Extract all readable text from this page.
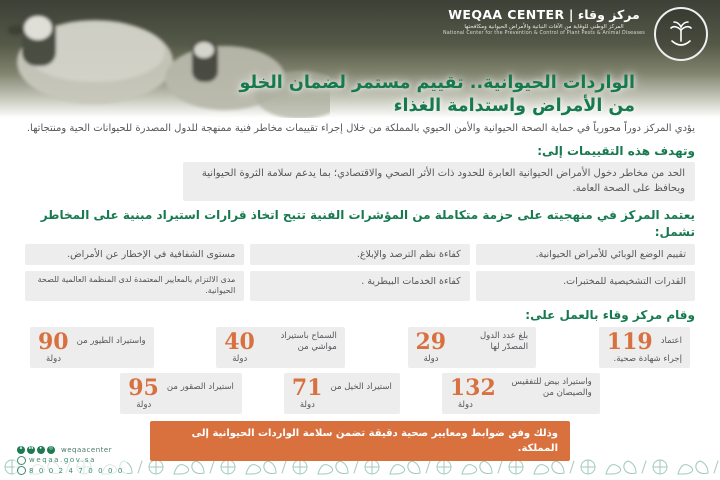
مركز وقاء | WEQAA CENTER
المركز الوطني للوقاية من الآفات النباتية والأمراض الحيوانية ومكافحتها
National Center for the Prevention & Control of Plant Pests & Animal Diseases
الواردات الحيوانية.. تقييم مستمر لضمان الخلو
من الأمراض واستدامة الغذاء
يؤدي المركز دوراً محورياً في حماية الصحة الحيوانية والأمن الحيوي بالمملكة من خلال إجراء تقييمات مخاطر فنية ممنهجة للدول المصدرة للحيوانات الحية ومنتجاتها.
وتهدف هذه التقييمات إلى:
الحد من مخاطر دخول الأمراض الحيوانية العابرة للحدود ذات الأثر الصحي والاقتصادي؛ بما يدعم سلامة الثروة الحيوانية ويحافظ على الصحة العامة.
يعتمد المركز في منهجيته على حزمة متكاملة من المؤشرات الفنية تتيح اتخاذ قرارات استيراد مبنية على المخاطر تشمل:
تقييم الوضع الوبائي للأمراض الحيوانية.
كفاءة نظم الترصد والإبلاغ.
مستوى الشفافية في الإخطار عن الأمراض.
القدرات التشخيصية للمختبرات.
كفاءة الخدمات البيطرية .
مدى الالتزام بالمعايير المعتمدة لدى المنظمة العالمية للصحة الحيوانية.
وقام مركز وقاء بالعمل على:
اعتماد
119
إجراء شهادة صحية.
بلغ عدد الدول المصدّر لها
29
دولة
السماح باستيراد مواشي من
40
دولة
واستيراد الطيور من
90
دولة
واستيراد بيض للتفقيس والصيصان من
132
دولة
استيراد الخيل من
71
دولة
استيراد الصقور من
95
دولة
وذلك وفق ضوابط ومعايير صحية دقيقة تضمن سلامة الواردات الحيوانية إلى المملكة.
x	in	▸	◎ weqaacenter
weqaa.gov.sa
8 0 0 2 4 7 0 0 0 0
